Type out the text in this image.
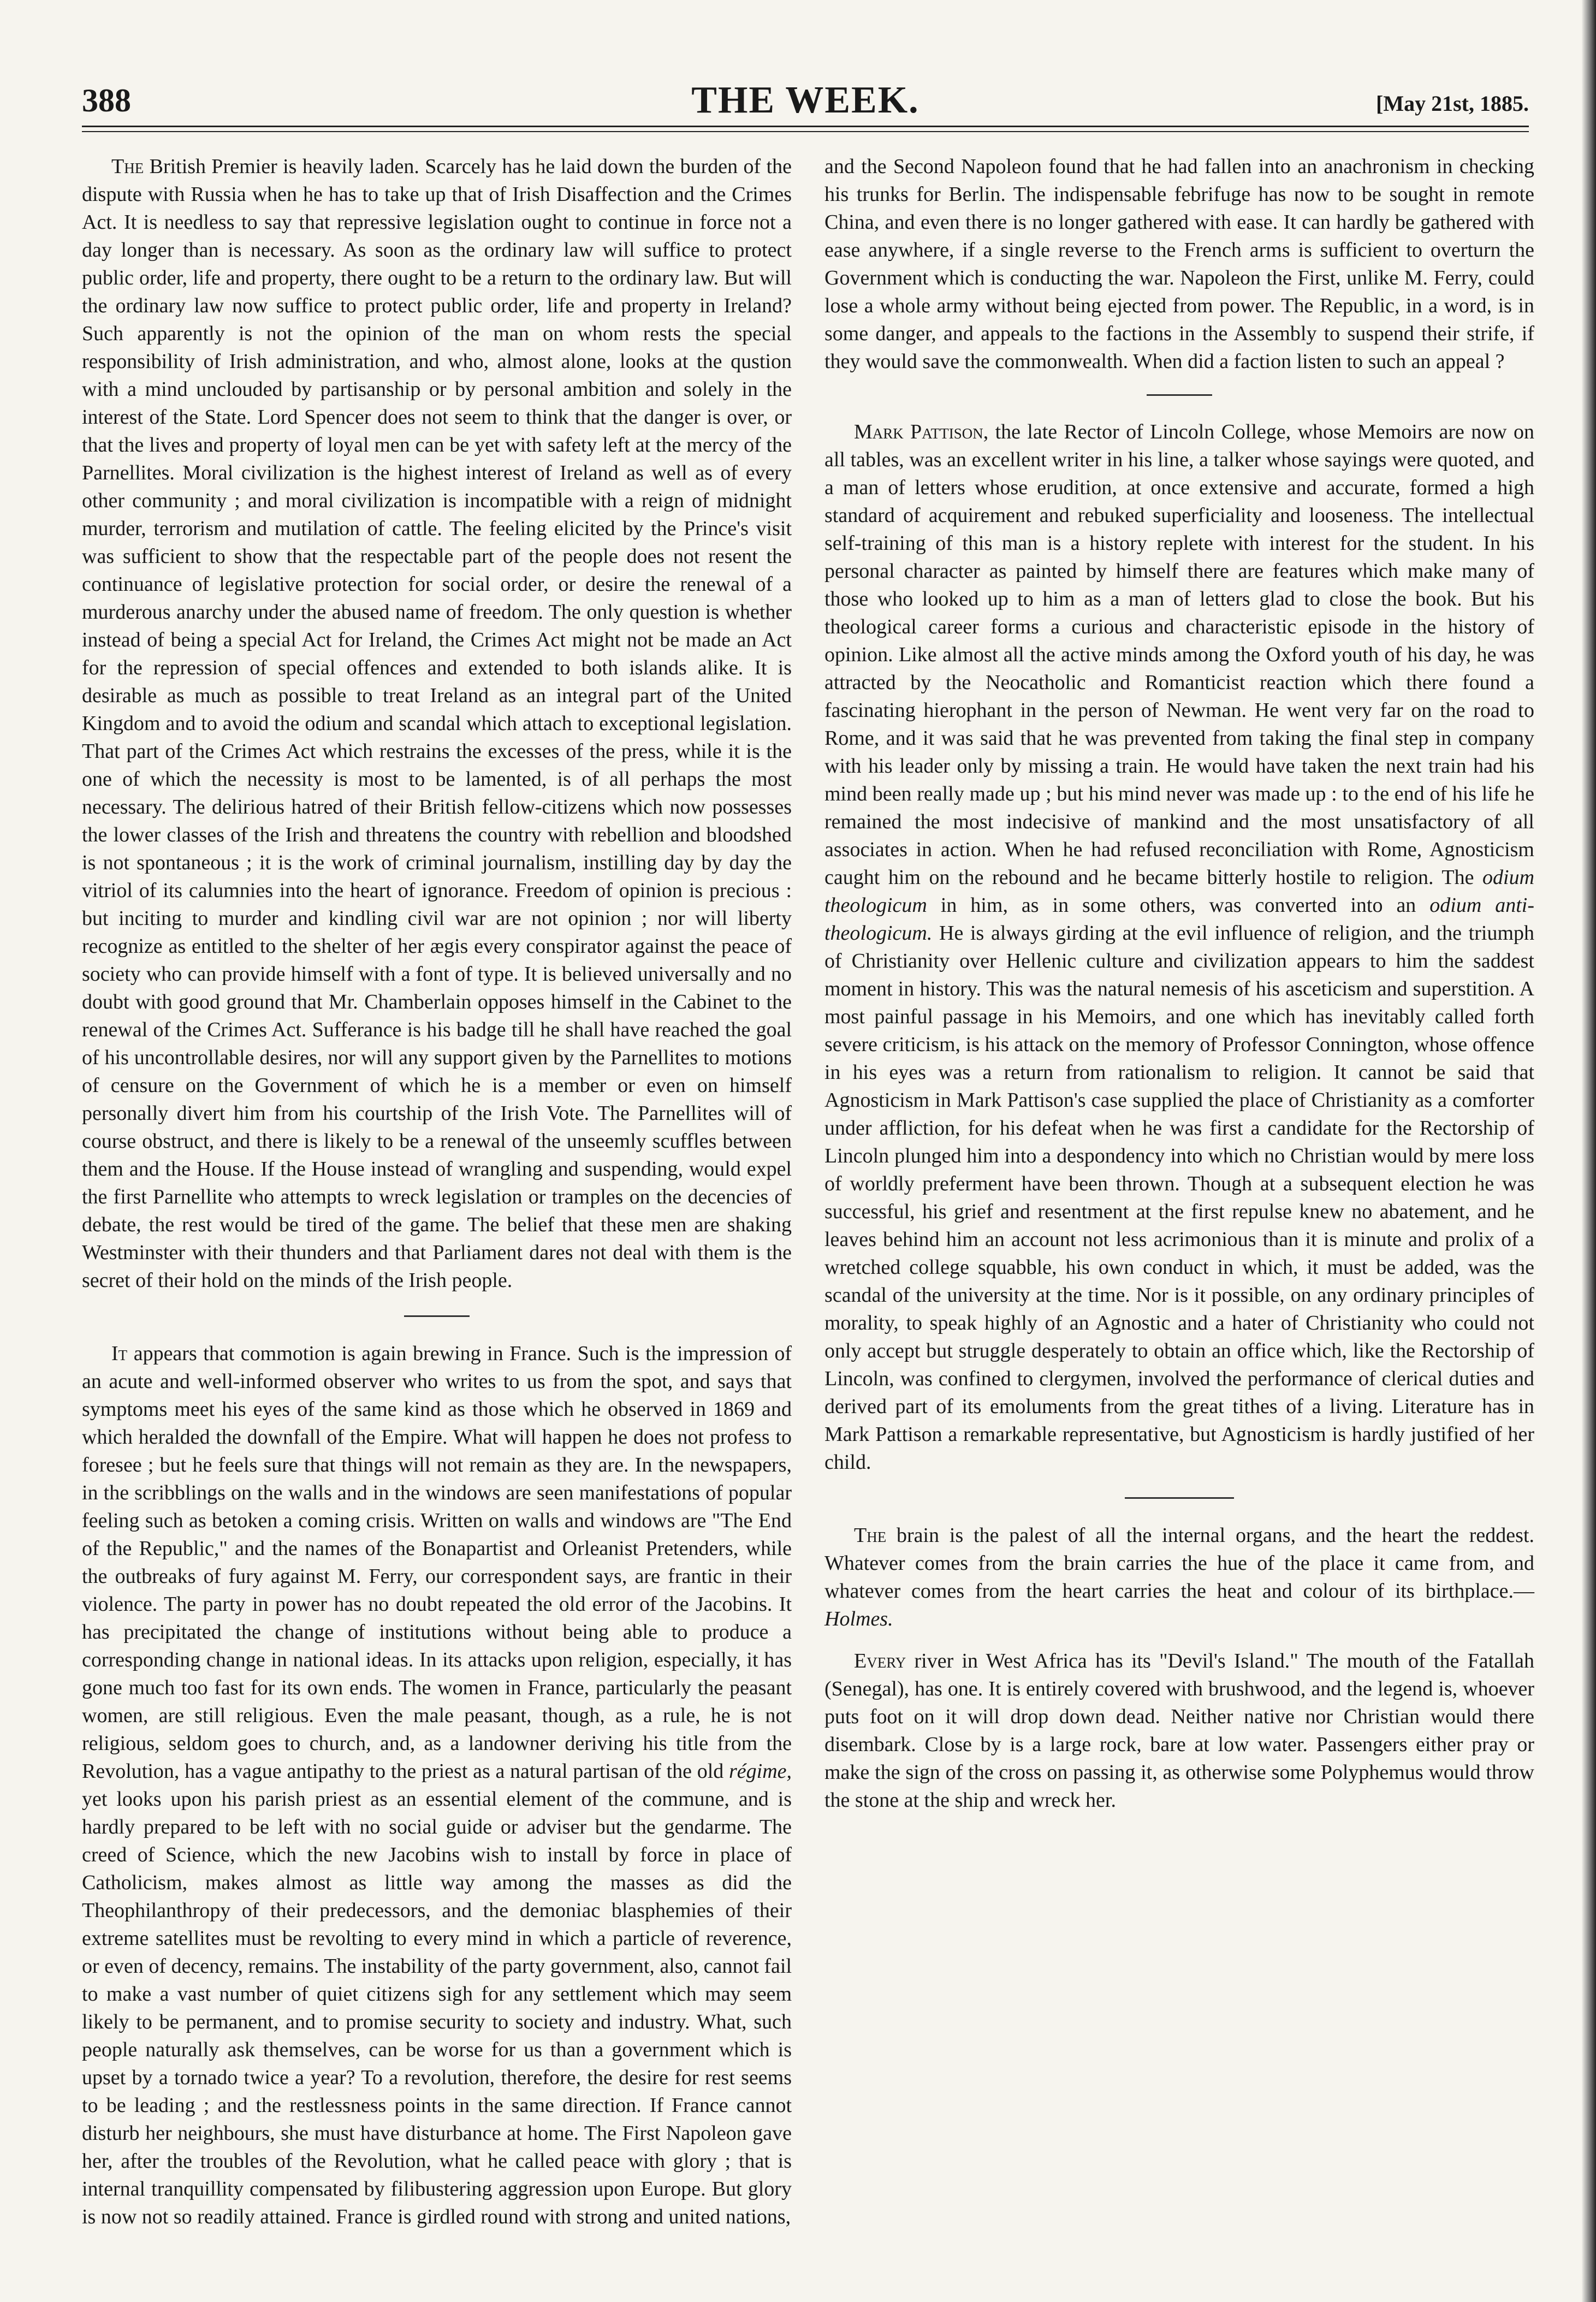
388	THE WEEK.	[May 21st, 1885.

The British Premier is heavily laden. Scarcely has he laid down the burden of the dispute with Russia when he has to take up that of Irish Disaffection and the Crimes Act. It is needless to say that repressive legislation ought to continue in force not a day longer than is necessary. As soon as the ordinary law will suffice to protect public order, life and property, there ought to be a return to the ordinary law. But will the ordinary law now suffice to protect public order, life and property in Ireland? Such apparently is not the opinion of the man on whom rests the special responsibility of Irish administration, and who, almost alone, looks at the qustion with a mind unclouded by partisanship or by personal ambition and solely in the interest of the State. Lord Spencer does not seem to think that the danger is over, or that the lives and property of loyal men can be yet with safety left at the mercy of the Parnellites. Moral civilization is the highest interest of Ireland as well as of every other community ; and moral civilization is incompatible with a reign of midnight murder, terrorism and mutilation of cattle. The feeling elicited by the Prince's visit was sufficient to show that the respectable part of the people does not resent the continuance of legislative protection for social order, or desire the renewal of a murderous anarchy under the abused name of freedom. The only question is whether instead of being a special Act for Ireland, the Crimes Act might not be made an Act for the repression of special offences and extended to both islands alike. It is desirable as much as possible to treat Ireland as an integral part of the United Kingdom and to avoid the odium and scandal which attach to exceptional legislation. That part of the Crimes Act which restrains the excesses of the press, while it is the one of which the necessity is most to be lamented, is of all perhaps the most necessary. The delirious hatred of their British fellow-citizens which now possesses the lower classes of the Irish and threatens the country with rebellion and bloodshed is not spontaneous ; it is the work of criminal journalism, instilling day by day the vitriol of its calumnies into the heart of ignorance. Freedom of opinion is precious : but inciting to murder and kindling civil war are not opinion ; nor will liberty recognize as entitled to the shelter of her ægis every conspirator against the peace of society who can provide himself with a font of type. It is believed universally and no doubt with good ground that Mr. Chamberlain opposes himself in the Cabinet to the renewal of the Crimes Act. Sufferance is his badge till he shall have reached the goal of his uncontrollable desires, nor will any support given by the Parnellites to motions of censure on the Government of which he is a member or even on himself personally divert him from his courtship of the Irish Vote. The Parnellites will of course obstruct, and there is likely to be a renewal of the unseemly scuffles between them and the House. If the House instead of wrangling and suspending, would expel the first Parnellite who attempts to wreck legislation or tramples on the decencies of debate, the rest would be tired of the game. The belief that these men are shaking Westminster with their thunders and that Parliament dares not deal with them is the secret of their hold on the minds of the Irish people.

It appears that commotion is again brewing in France. Such is the impression of an acute and well-informed observer who writes to us from the spot, and says that symptoms meet his eyes of the same kind as those which he observed in 1869 and which heralded the downfall of the Empire. What will happen he does not profess to foresee ; but he feels sure that things will not remain as they are. In the newspapers, in the scribblings on the walls and in the windows are seen manifestations of popular feeling such as betoken a coming crisis. Written on walls and windows are "The End of the Republic," and the names of the Bonapartist and Orleanist Pretenders, while the outbreaks of fury against M. Ferry, our correspondent says, are frantic in their violence. The party in power has no doubt repeated the old error of the Jacobins. It has precipitated the change of institutions without being able to produce a corresponding change in national ideas. In its attacks upon religion, especially, it has gone much too fast for its own ends. The women in France, particularly the peasant women, are still religious. Even the male peasant, though, as a rule, he is not religious, seldom goes to church, and, as a landowner deriving his title from the Revolution, has a vague antipathy to the priest as a natural partisan of the old régime, yet looks upon his parish priest as an essential element of the commune, and is hardly prepared to be left with no social guide or adviser but the gendarme. The creed of Science, which the new Jacobins wish to install by force in place of Catholicism, makes almost as little way among the masses as did the Theophilanthropy of their predecessors, and the demoniac blasphemies of their extreme satellites must be revolting to every mind in which a particle of reverence, or even of decency, remains. The instability of the party government, also, cannot fail to make a vast number of quiet citizens sigh for any settlement which may seem likely to be permanent, and to promise security to society and industry. What, such people naturally ask themselves, can be worse for us than a government which is upset by a tornado twice a year? To a revolution, therefore, the desire for rest seems to be leading ; and the restlessness points in the same direction. If France cannot disturb her neighbours, she must have disturbance at home. The First Napoleon gave her, after the troubles of the Revolution, what he called peace with glory ; that is internal tranquillity compensated by filibustering aggression upon Europe. But glory is now not so readily attained. France is girdled round with strong and united nations,

and the Second Napoleon found that he had fallen into an anachronism in checking his trunks for Berlin. The indispensable febrifuge has now to be sought in remote China, and even there is no longer gathered with ease. It can hardly be gathered with ease anywhere, if a single reverse to the French arms is sufficient to overturn the Government which is conducting the war. Napoleon the First, unlike M. Ferry, could lose a whole army without being ejected from power. The Republic, in a word, is in some danger, and appeals to the factions in the Assembly to suspend their strife, if they would save the commonwealth. When did a faction listen to such an appeal ?

Mark Pattison, the late Rector of Lincoln College, whose Memoirs are now on all tables, was an excellent writer in his line, a talker whose sayings were quoted, and a man of letters whose erudition, at once extensive and accurate, formed a high standard of acquirement and rebuked superficiality and looseness. The intellectual self-training of this man is a history replete with interest for the student. In his personal character as painted by himself there are features which make many of those who looked up to him as a man of letters glad to close the book. But his theological career forms a curious and characteristic episode in the history of opinion. Like almost all the active minds among the Oxford youth of his day, he was attracted by the Neocatholic and Romanticist reaction which there found a fascinating hierophant in the person of Newman. He went very far on the road to Rome, and it was said that he was prevented from taking the final step in company with his leader only by missing a train. He would have taken the next train had his mind been really made up ; but his mind never was made up : to the end of his life he remained the most indecisive of mankind and the most unsatisfactory of all associates in action. When he had refused reconciliation with Rome, Agnosticism caught him on the rebound and he became bitterly hostile to religion. The odium theologicum in him, as in some others, was converted into an odium anti-theologicum. He is always girding at the evil influence of religion, and the triumph of Christianity over Hellenic culture and civilization appears to him the saddest moment in history. This was the natural nemesis of his asceticism and superstition. A most painful passage in his Memoirs, and one which has inevitably called forth severe criticism, is his attack on the memory of Professor Connington, whose offence in his eyes was a return from rationalism to religion. It cannot be said that Agnosticism in Mark Pattison's case supplied the place of Christianity as a comforter under affliction, for his defeat when he was first a candidate for the Rectorship of Lincoln plunged him into a despondency into which no Christian would by mere loss of worldly preferment have been thrown. Though at a subsequent election he was successful, his grief and resentment at the first repulse knew no abatement, and he leaves behind him an account not less acrimonious than it is minute and prolix of a wretched college squabble, his own conduct in which, it must be added, was the scandal of the university at the time. Nor is it possible, on any ordinary principles of morality, to speak highly of an Agnostic and a hater of Christianity who could not only accept but struggle desperately to obtain an office which, like the Rectorship of Lincoln, was confined to clergymen, involved the performance of clerical duties and derived part of its emoluments from the great tithes of a living. Literature has in Mark Pattison a remarkable representative, but Agnosticism is hardly justified of her child.

The brain is the palest of all the internal organs, and the heart the reddest. Whatever comes from the brain carries the hue of the place it came from, and whatever comes from the heart carries the heat and colour of its birthplace.—Holmes.

Every river in West Africa has its "Devil's Island." The mouth of the Fatallah (Senegal), has one. It is entirely covered with brushwood, and the legend is, whoever puts foot on it will drop down dead. Neither native nor Christian would there disembark. Close by is a large rock, bare at low water. Passengers either pray or make the sign of the cross on passing it, as otherwise some Polyphemus would throw the stone at the ship and wreck her.
